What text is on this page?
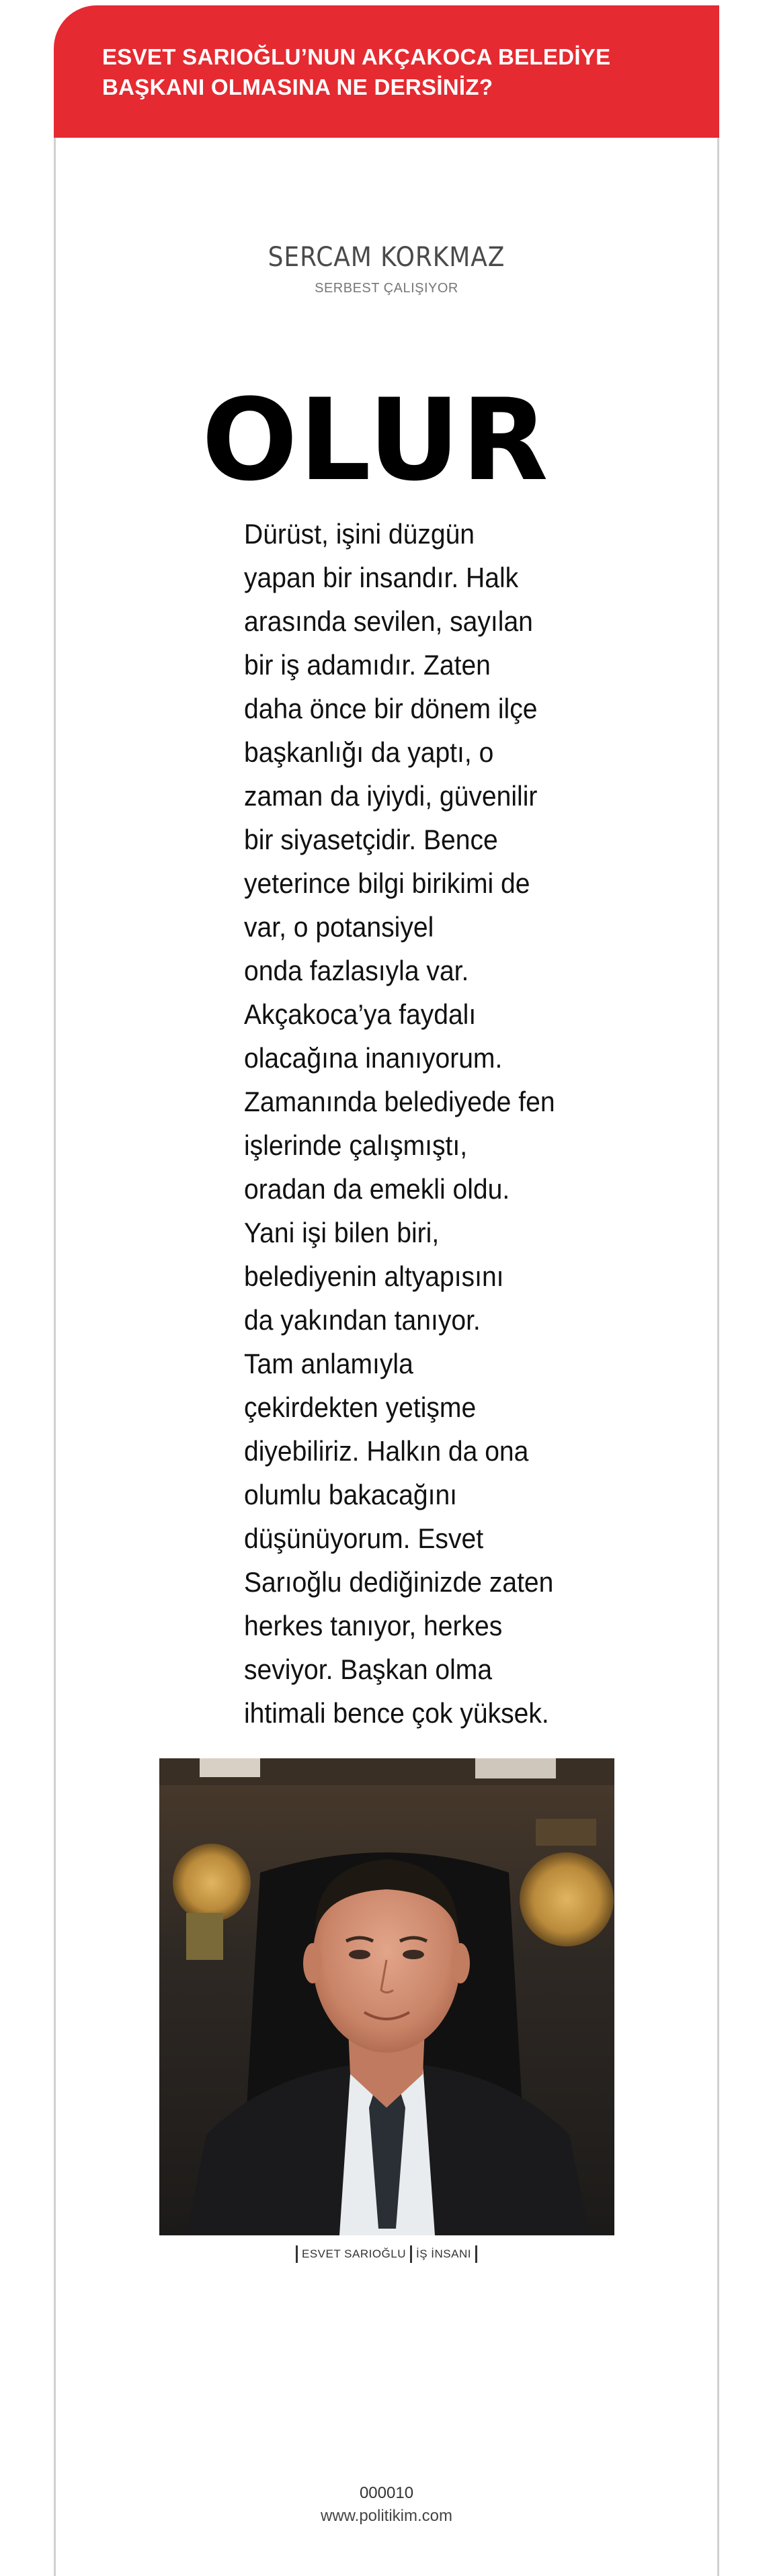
ESVET SARIOĞLU’NUN AKÇAKOCA BELEDİYE
BAŞKANI OLMASINA NE DERSİNİZ?
SERCAM KORKMAZ
SERBEST ÇALIŞIYOR
OLUR
Dürüst, işini düzgün
yapan bir insandır. Halk
arasında sevilen, sayılan
bir iş adamıdır. Zaten
daha önce bir dönem ilçe
başkanlığı da yaptı, o
zaman da iyiydi, güvenilir
bir siyasetçidir. Bence
yeterince bilgi birikimi de
var, o potansiyel
onda fazlasıyla var.
Akçakoca’ya faydalı
olacağına inanıyorum.
Zamanında belediyede fen
işlerinde çalışmıştı,
oradan da emekli oldu.
Yani işi bilen biri,
belediyenin altyapısını
da yakından tanıyor.
Tam anlamıyla
çekirdekten yetişme
diyebiliriz. Halkın da ona
olumlu bakacağını
düşünüyorum. Esvet
Sarıoğlu dediğinizde zaten
herkes tanıyor, herkes
seviyor. Başkan olma
ihtimali bence çok yüksek.
ESVET SARIOĞLU İŞ İNSANI
000010
www.politikim.com
